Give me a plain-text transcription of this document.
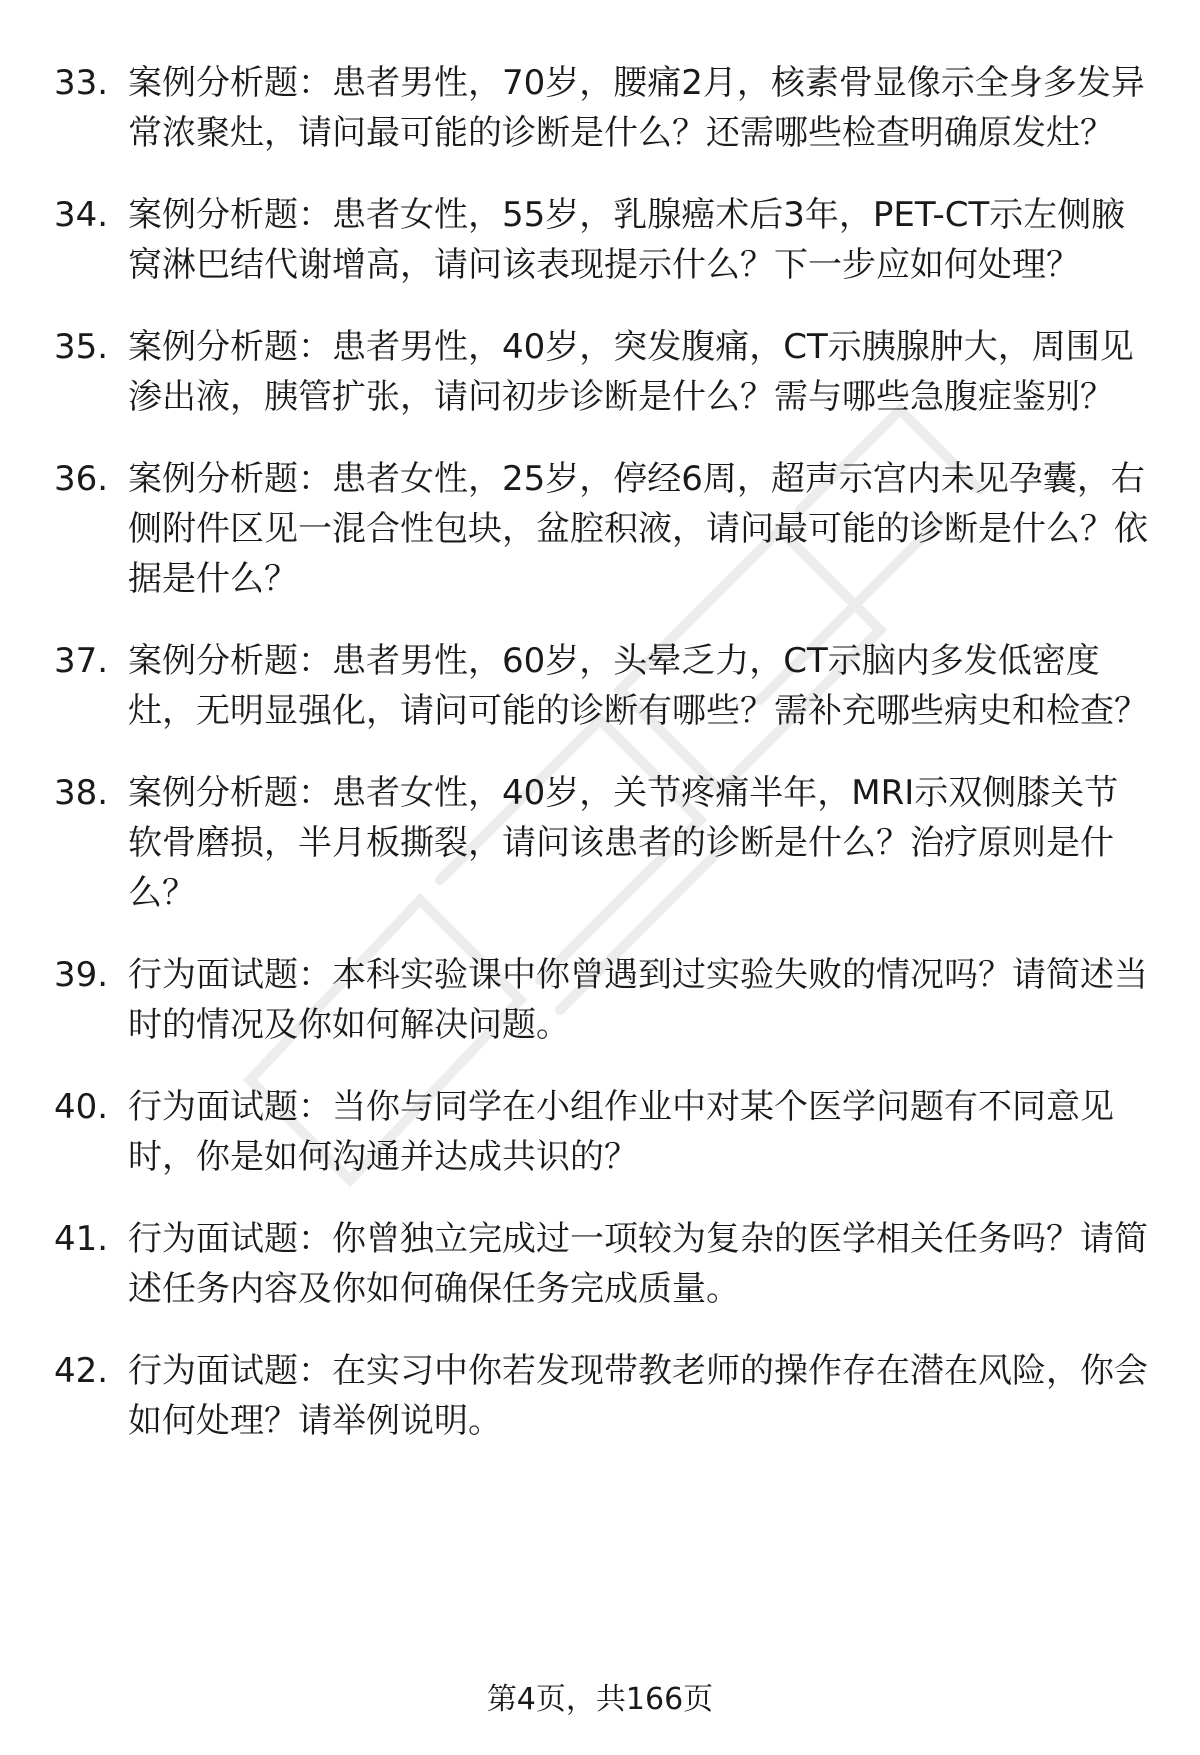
33. 案例分析题：患者男性，70岁，腰痛2月，核素骨显像示全身多发异常浓聚灶，请问最可能的诊断是什么？还需哪些检查明确原发灶？
34. 案例分析题：患者女性，55岁，乳腺癌术后3年，PET-CT示左侧腋窝淋巴结代谢增高，请问该表现提示什么？下一步应如何处理？
35. 案例分析题：患者男性，40岁，突发腹痛，CT示胰腺肿大，周围见渗出液，胰管扩张，请问初步诊断是什么？需与哪些急腹症鉴别？
36. 案例分析题：患者女性，25岁，停经6周，超声示宫内未见孕囊，右侧附件区见一混合性包块，盆腔积液，请问最可能的诊断是什么？依据是什么？
37. 案例分析题：患者男性，60岁，头晕乏力，CT示脑内多发低密度灶，无明显强化，请问可能的诊断有哪些？需补充哪些病史和检查？
38. 案例分析题：患者女性，40岁，关节疼痛半年，MRI示双侧膝关节软骨磨损，半月板撕裂，请问该患者的诊断是什么？治疗原则是什么？
39. 行为面试题：本科实验课中你曾遇到过实验失败的情况吗？请简述当时的情况及你如何解决问题。
40. 行为面试题：当你与同学在小组作业中对某个医学问题有不同意见时，你是如何沟通并达成共识的？
41. 行为面试题：你曾独立完成过一项较为复杂的医学相关任务吗？请简述任务内容及你如何确保任务完成质量。
42. 行为面试题：在实习中你若发现带教老师的操作存在潜在风险，你会如何处理？请举例说明。
第4页，共166页
